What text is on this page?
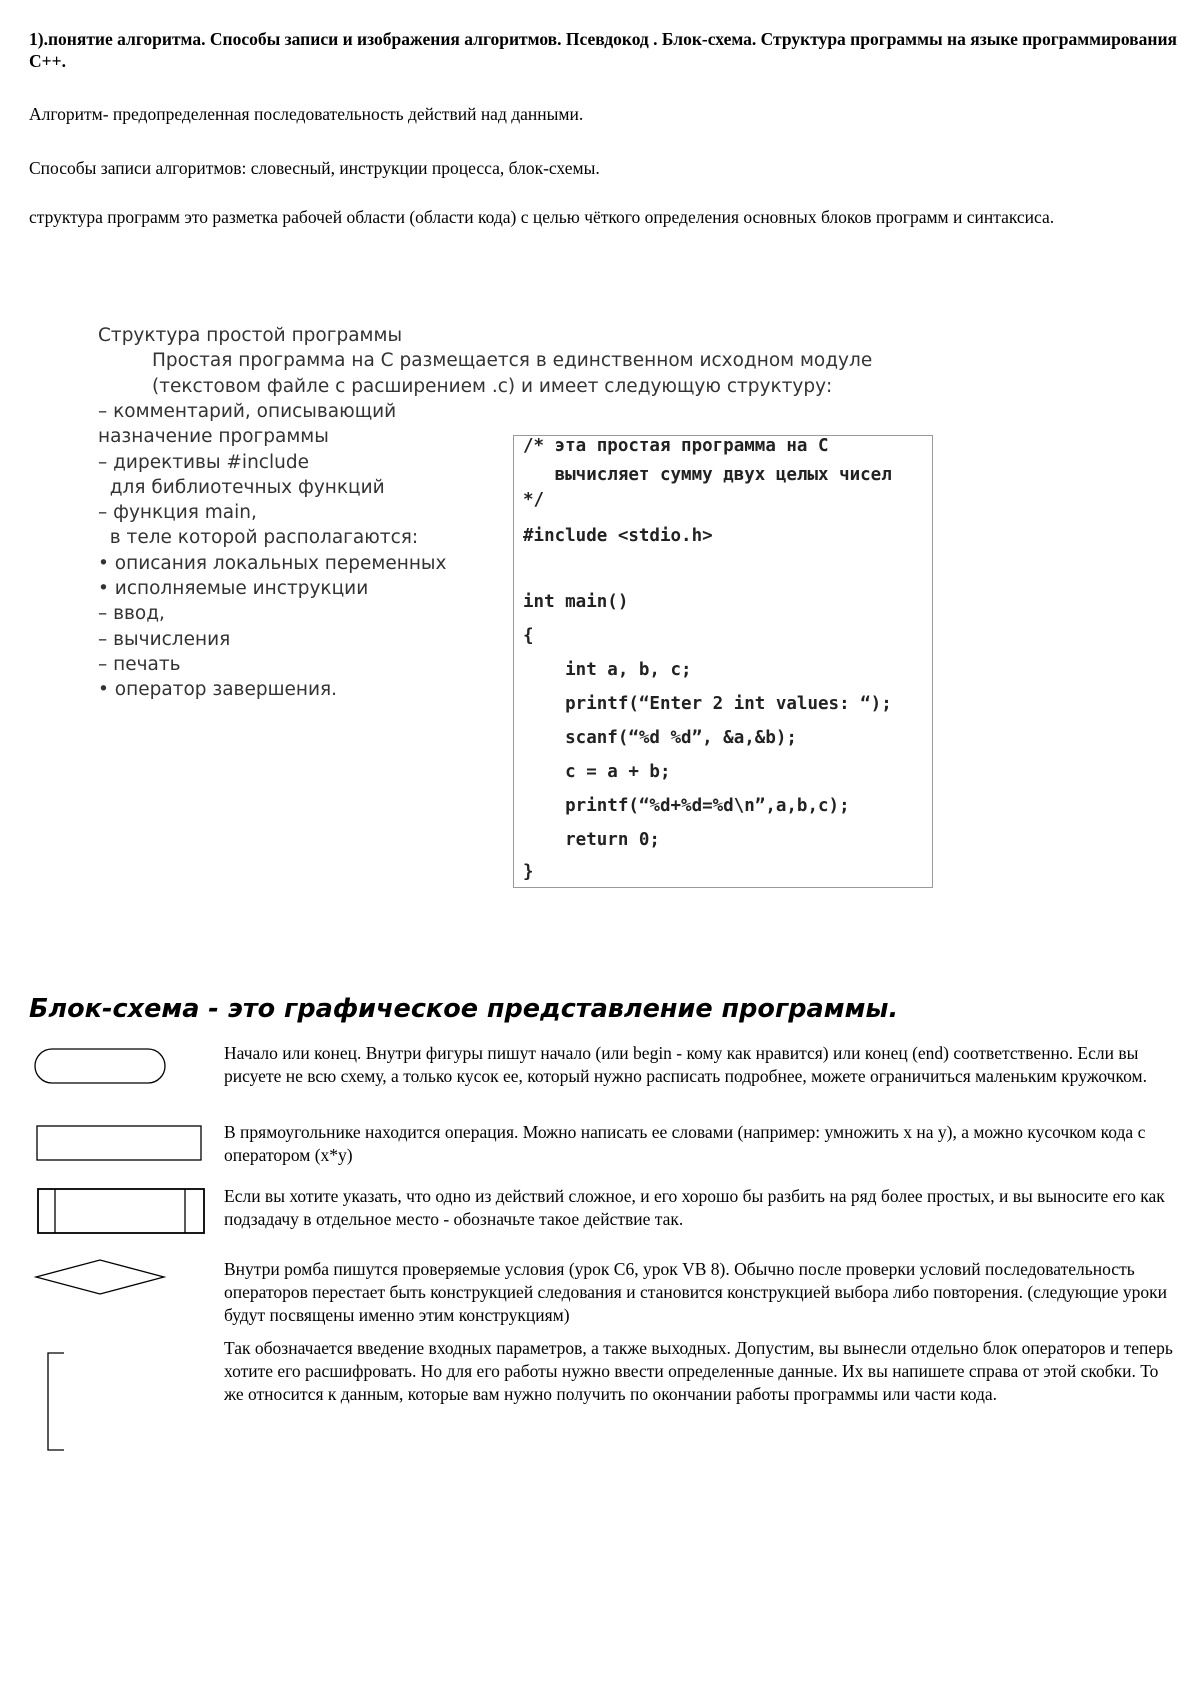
1).понятие алгоритма. Способы записи и изображения алгоритмов. Псевдокод . Блок-схема. Структура программы на языке программирования С++.

Алгоритм- предопределенная последовательность действий над данными.

Способы записи алгоритмов: словесный, инструкции процесса, блок-схемы.

структура программ это разметка рабочей области (области кода) с целью чёткого определения основных блоков программ и синтаксиса.

Структура простой программы
Простая программа на С размещается в единственном исходном модуле (текстовом файле с расширением .с) и имеет следующую структуру:
– комментарий, описывающий
назначение программы
– директивы #include
для библиотечных функций
– функция main,
в теле которой располагаются:
• описания локальных переменных
• исполняемые инструкции
– ввод,
– вычисления
– печать
• оператор завершения.
/* эта простая программа на С
вычисляет сумму двух целых чисел
*/
#include <stdio.h>
int main()
{
int a, b, c;
printf(“Enter 2 int values: “);
scanf(“%d %d”, &a,&b);
c = a + b;
printf(“%d+%d=%d\n”,a,b,c);
return 0;
}
Блок-схема - это графическое представление программы.
Начало или конец. Внутри фигуры пишут начало (или begin - кому как нравится) или конец (end) соответственно. Если вы рисуете не всю схему, а только кусок ее, который нужно расписать подробнее, можете ограничиться маленьким кружочком.
В прямоугольнике находится операция. Можно написать ее словами (например: умножить x на y), а можно кусочком кода с оператором (x*y)
Если вы хотите указать, что одно из действий сложное, и его хорошо бы разбить на ряд более простых, и вы выносите его как подзадачу в отдельное место - обозначьте такое действие так.
Внутри ромба пишутся проверяемые условия (урок С6, урок VB 8). Обычно после проверки условий последовательность операторов перестает быть конструкцией следования и становится конструкцией выбора либо повторения. (следующие уроки будут посвящены именно этим конструкциям)
Так обозначается введение входных параметров, а также выходных. Допустим, вы вынесли отдельно блок операторов и теперь хотите его расшифровать. Но для его работы нужно ввести определенные данные. Их вы напишете справа от этой скобки. То же относится к данным, которые вам нужно получить по окончании работы программы или части кода.
